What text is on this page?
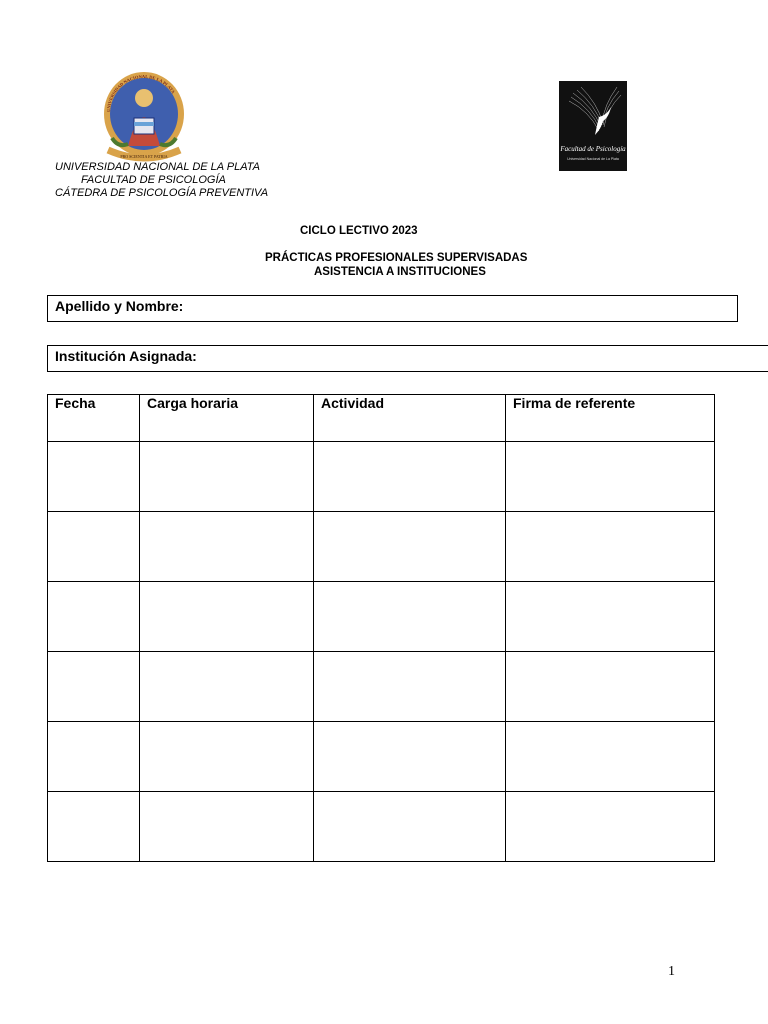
UNIVERSIDAD NACIONAL DE LA PLATA
PRO SCIENTIA ET PATRIA
Facultad de Psicología
Universidad Nacional de La Plata
UNIVERSIDAD NACIONAL DE LA PLATA
FACULTAD DE PSICOLOGÍA
CÁTEDRA DE PSICOLOGÍA PREVENTIVA
CICLO LECTIVO 2023
PRÁCTICAS PROFESIONALES SUPERVISADAS
ASISTENCIA A INSTITUCIONES
Apellido y Nombre:
Institución Asignada:
Fecha	Carga horaria	Actividad	Firma de referente

1
